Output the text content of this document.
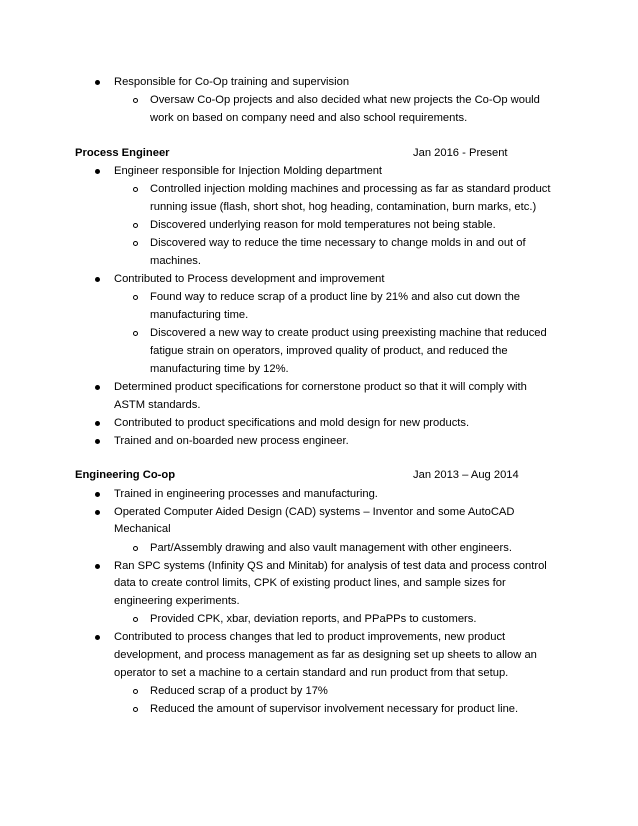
Responsible for Co-Op training and supervision
Oversaw Co-Op projects and also decided what new projects the Co-Op would
work on based on company need and also school requirements.
Process Engineer	Jan 2016 - Present
Engineer responsible for Injection Molding department
Controlled injection molding machines and processing as far as standard product
running issue (flash, short shot, hog heading, contamination, burn marks, etc.)
Discovered underlying reason for mold temperatures not being stable.
Discovered way to reduce the time necessary to change molds in and out of
machines.
Contributed to Process development and improvement
Found way to reduce scrap of a product line by 21% and also cut down the
manufacturing time.
Discovered a new way to create product using preexisting machine that reduced
fatigue strain on operators, improved quality of product, and reduced the
manufacturing time by 12%.
Determined product specifications for cornerstone product so that it will comply with
ASTM standards.
Contributed to product specifications and mold design for new products.
Trained and on-boarded new process engineer.
Engineering Co-op	Jan 2013 – Aug 2014
Trained in engineering processes and manufacturing.
Operated Computer Aided Design (CAD) systems – Inventor and some AutoCAD
Mechanical
Part/Assembly drawing and also vault management with other engineers.
Ran SPC systems (Infinity QS and Minitab) for analysis of test data and process control
data to create control limits, CPK of existing product lines, and sample sizes for
engineering experiments.
Provided CPK, xbar, deviation reports, and PPaPPs to customers.
Contributed to process changes that led to product improvements, new product
development, and process management as far as designing set up sheets to allow an
operator to set a machine to a certain standard and run product from that setup.
Reduced scrap of a product by 17%
Reduced the amount of supervisor involvement necessary for product line.
